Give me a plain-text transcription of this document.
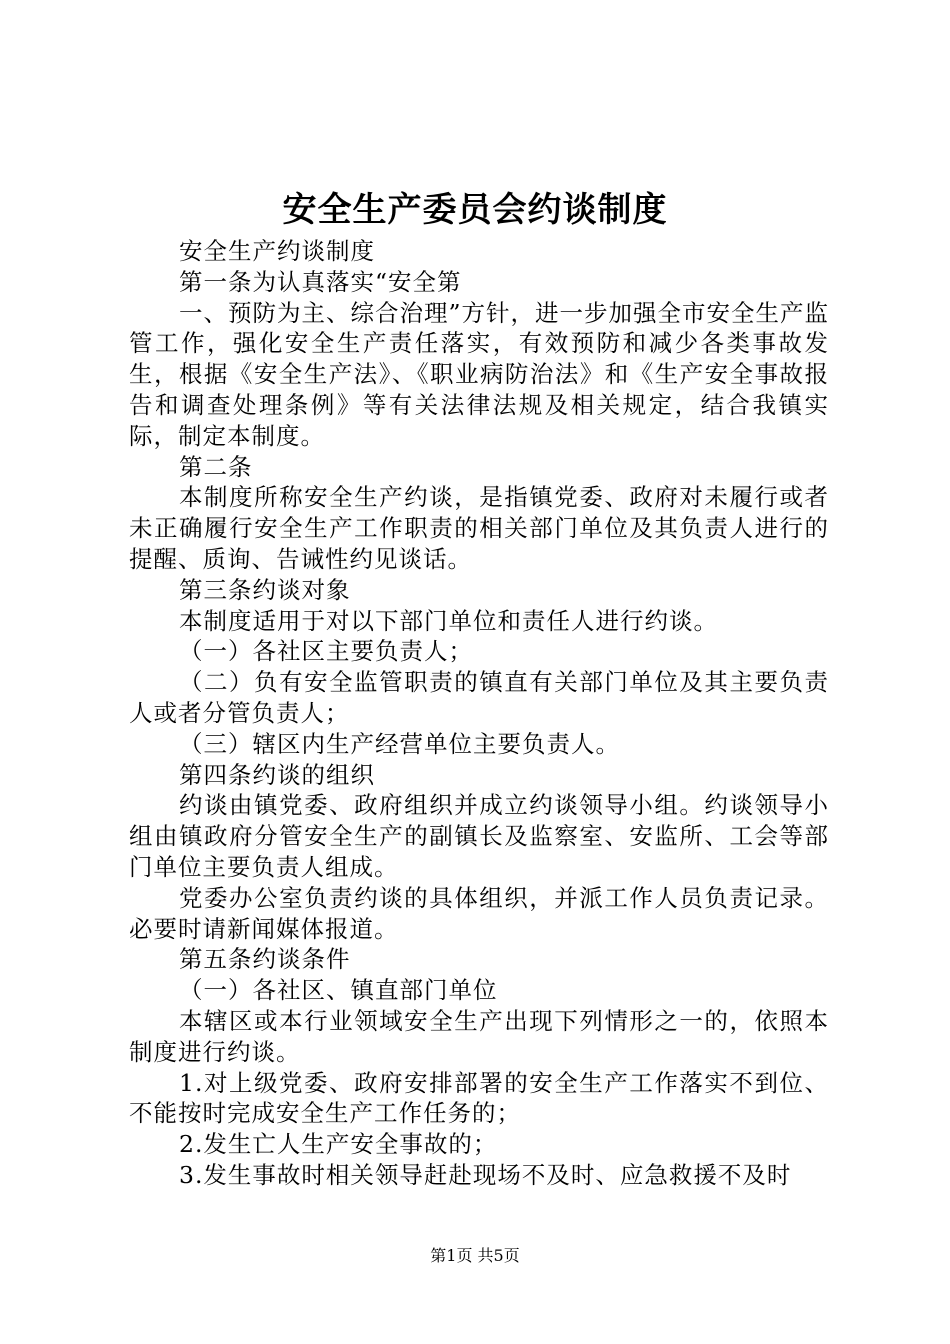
安全生产委员会约谈制度

安全生产约谈制度

第一条为认真落实“安全第

一、预防为主、综合治理”方针，进一步加强全市安全生产监管工作，强化安全生产责任落实，有效预防和减少各类事故发生，根据《安全生产法》、《职业病防治法》和《生产安全事故报告和调查处理条例》等有关法律法规及相关规定，结合我镇实际，制定本制度。

第二条

本制度所称安全生产约谈，是指镇党委、政府对未履行或者未正确履行安全生产工作职责的相关部门单位及其负责人进行的提醒、质询、告诫性约见谈话。

第三条约谈对象

本制度适用于对以下部门单位和责任人进行约谈。

（一）各社区主要负责人；

（二）负有安全监管职责的镇直有关部门单位及其主要负责人或者分管负责人；

（三）辖区内生产经营单位主要负责人。

第四条约谈的组织

约谈由镇党委、政府组织并成立约谈领导小组。约谈领导小组由镇政府分管安全生产的副镇长及监察室、安监所、工会等部门单位主要负责人组成。

党委办公室负责约谈的具体组织，并派工作人员负责记录。必要时请新闻媒体报道。

第五条约谈条件

（一）各社区、镇直部门单位

本辖区或本行业领域安全生产出现下列情形之一的，依照本制度进行约谈。

1.对上级党委、政府安排部署的安全生产工作落实不到位、不能按时完成安全生产工作任务的；

2.发生亡人生产安全事故的；

3.发生事故时相关领导赶赴现场不及时、应急救援不及时

第1页 共5页
